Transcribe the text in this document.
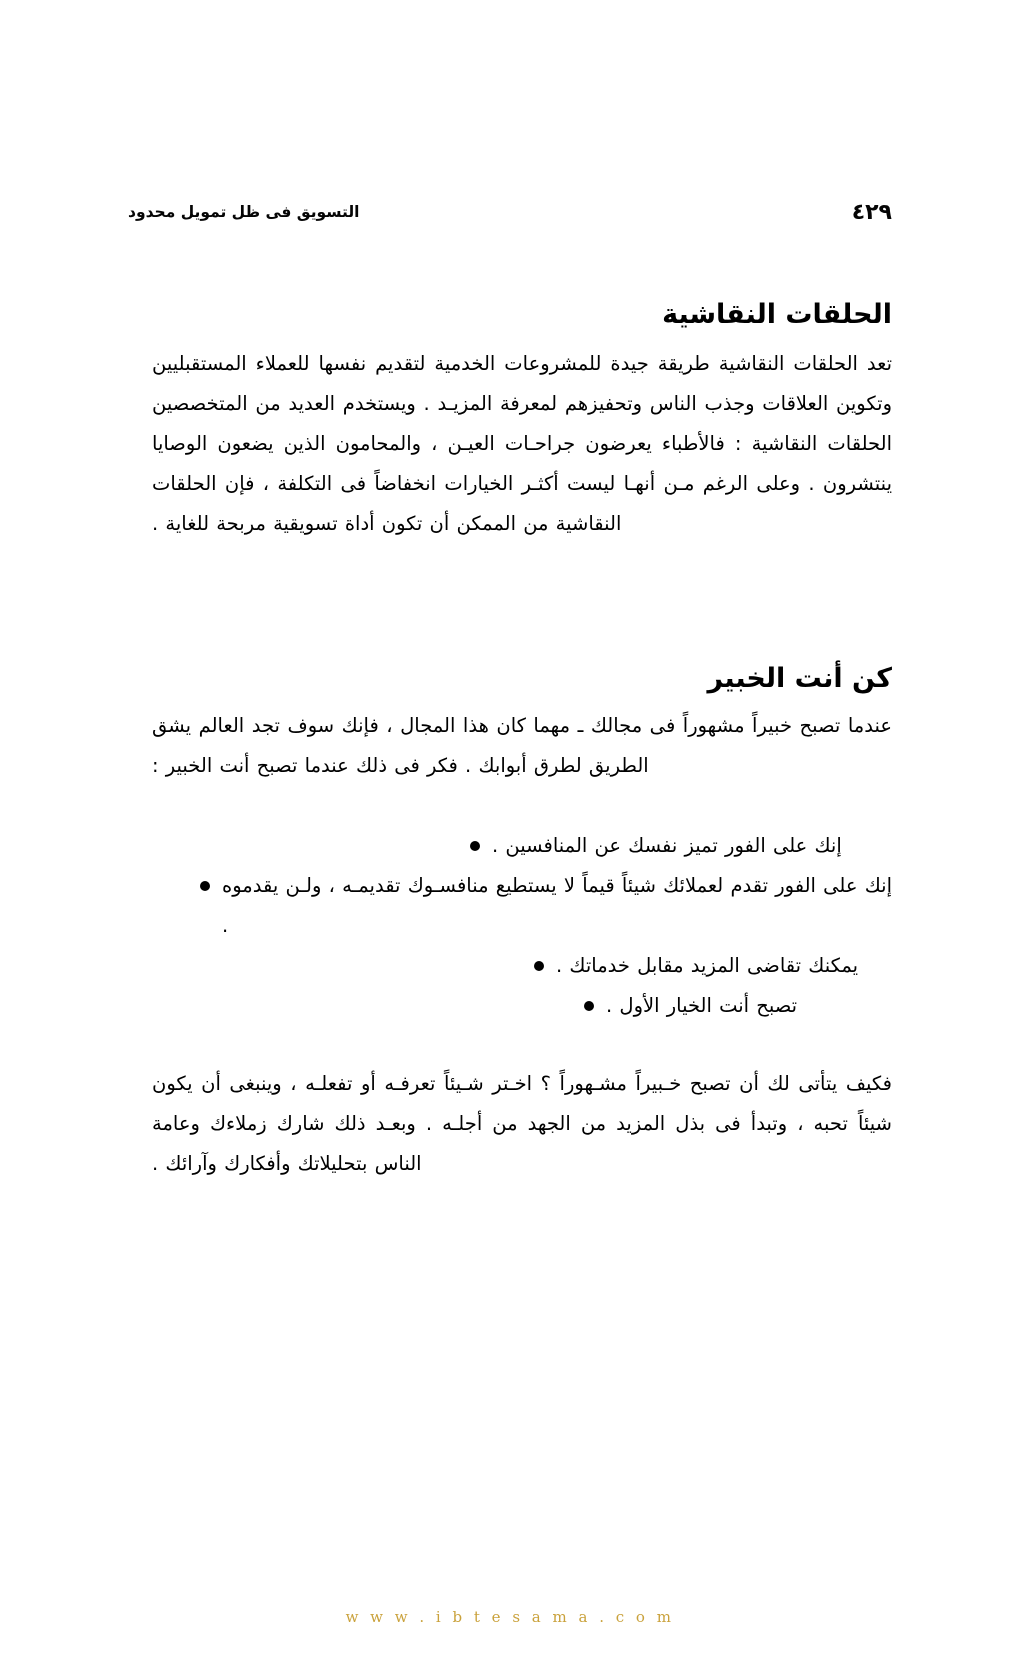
التسويق فى ظل تمويل محدود	٤٢٩
الحلقات النقاشية

تعد الحلقات النقاشية طريقة جيدة للمشروعات الخدمية لتقديم نفسها للعملاء المستقبليين وتكوين العلاقات وجذب الناس وتحفيزهم لمعرفة المزيـد . ويستخدم العديد من المتخصصين الحلقات النقاشية : فالأطباء يعرضون جراحـات العيـن ، والمحامون الذين يضعون الوصايا ينتشرون . وعلى الرغم مـن أنهـا ليست أكثـر الخيارات انخفاضاً فى التكلفة ، فإن الحلقات النقاشية من الممكن أن تكون أداة تسويقية مربحة للغاية .

كن أنت الخبير

عندما تصبح خبيراً مشهوراً فى مجالك ـ مهما كان هذا المجال ، فإنك سوف تجد العالم يشق الطريق لطرق أبوابك . فكر فى ذلك عندما تصبح أنت الخبير :

إنك على الفور تميز نفسك عن المنافسين .
إنك على الفور تقدم لعملائك شيئاً قيماً لا يستطيع منافسـوك تقديمـه ، ولـن يقدموه .
يمكنك تقاضى المزيد مقابل خدماتك .
تصبح أنت الخيار الأول .

فكيف يتأتى لك أن تصبح خـبيراً مشـهوراً ؟ اخـتر شـيئاً تعرفـه أو تفعلـه ، وينبغى أن يكون شيئاً تحبه ، وتبدأ فى بذل المزيد من الجهد من أجلـه . وبعـد ذلك شارك زملاءك وعامة الناس بتحليلاتك وأفكارك وآرائك .

w w w . i b t e s a m a . c o m
